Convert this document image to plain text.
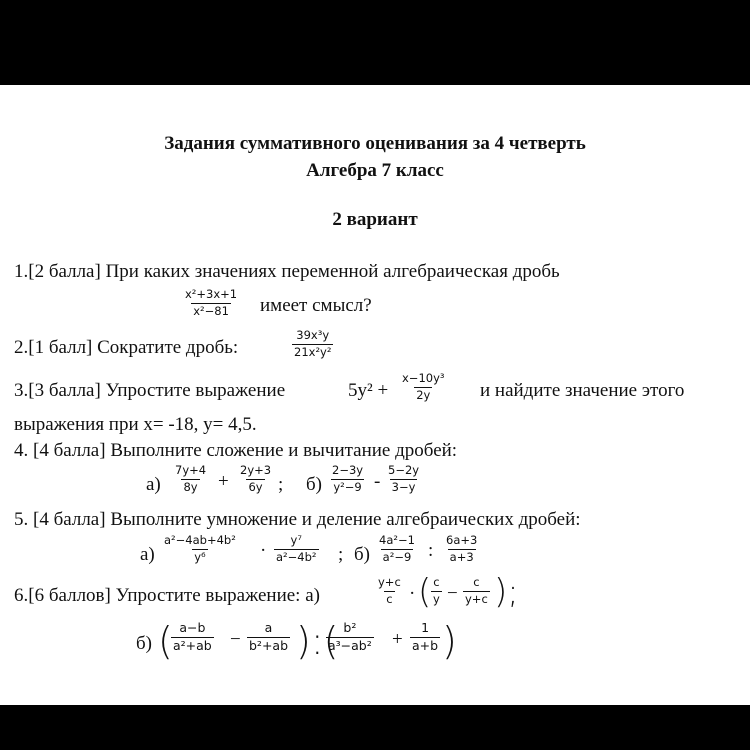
Задания суммативного оценивания за 4 четверть
Алгебра 7 класс
2 вариант
1.[2 балла] При каких значениях переменной алгебраическая дробь
$\frac{\text{x²+3x+1}}{\text{x²−81}}$ имеет смысл?
2.[1 балл] Сократите дробь:	$\frac{\text{39x³y}}{\text{21x²y²}}$
3.[3 балла] Упростите выражение	$5y^2 + \frac{\text{x−10y³}}{2y}$ и найдите значение этого
выражения при x= -18, y= 4,5.
4. [4 балла] Выполните сложение и вычитание дробей:
$а) \frac{7y+4}{8y} + \frac{2y+3}{6y}$ ; $б) \frac{2-3y}{\text{y²−9}} - \frac{5-2y}{3-y}$
5. [4 балла] Выполните умножение и деление алгебраических дробей:
$а) \frac{\text{a²−4ab+4b²}}{\text{y⁶}} \cdot \frac{\text{y⁷}}{\text{a²−4b²}}$ ; $б) \frac{\text{4a²−1}}{\text{a²−9}}$ : $\frac{6a+3}{a+3}$
6.[6 баллов] Упростите выражение: а)	$\frac{y+c}{c}$ · ( $\frac{c}{y} - \frac{c}{y+c}$ );
б) (
$\frac{a-b}{\text{a²+ab}} - \frac{a}{\text{b²+ab}}$ ):(
$\frac{\text{b²}}{\text{a³−ab²}} + \frac{1}{a+b}$ )
